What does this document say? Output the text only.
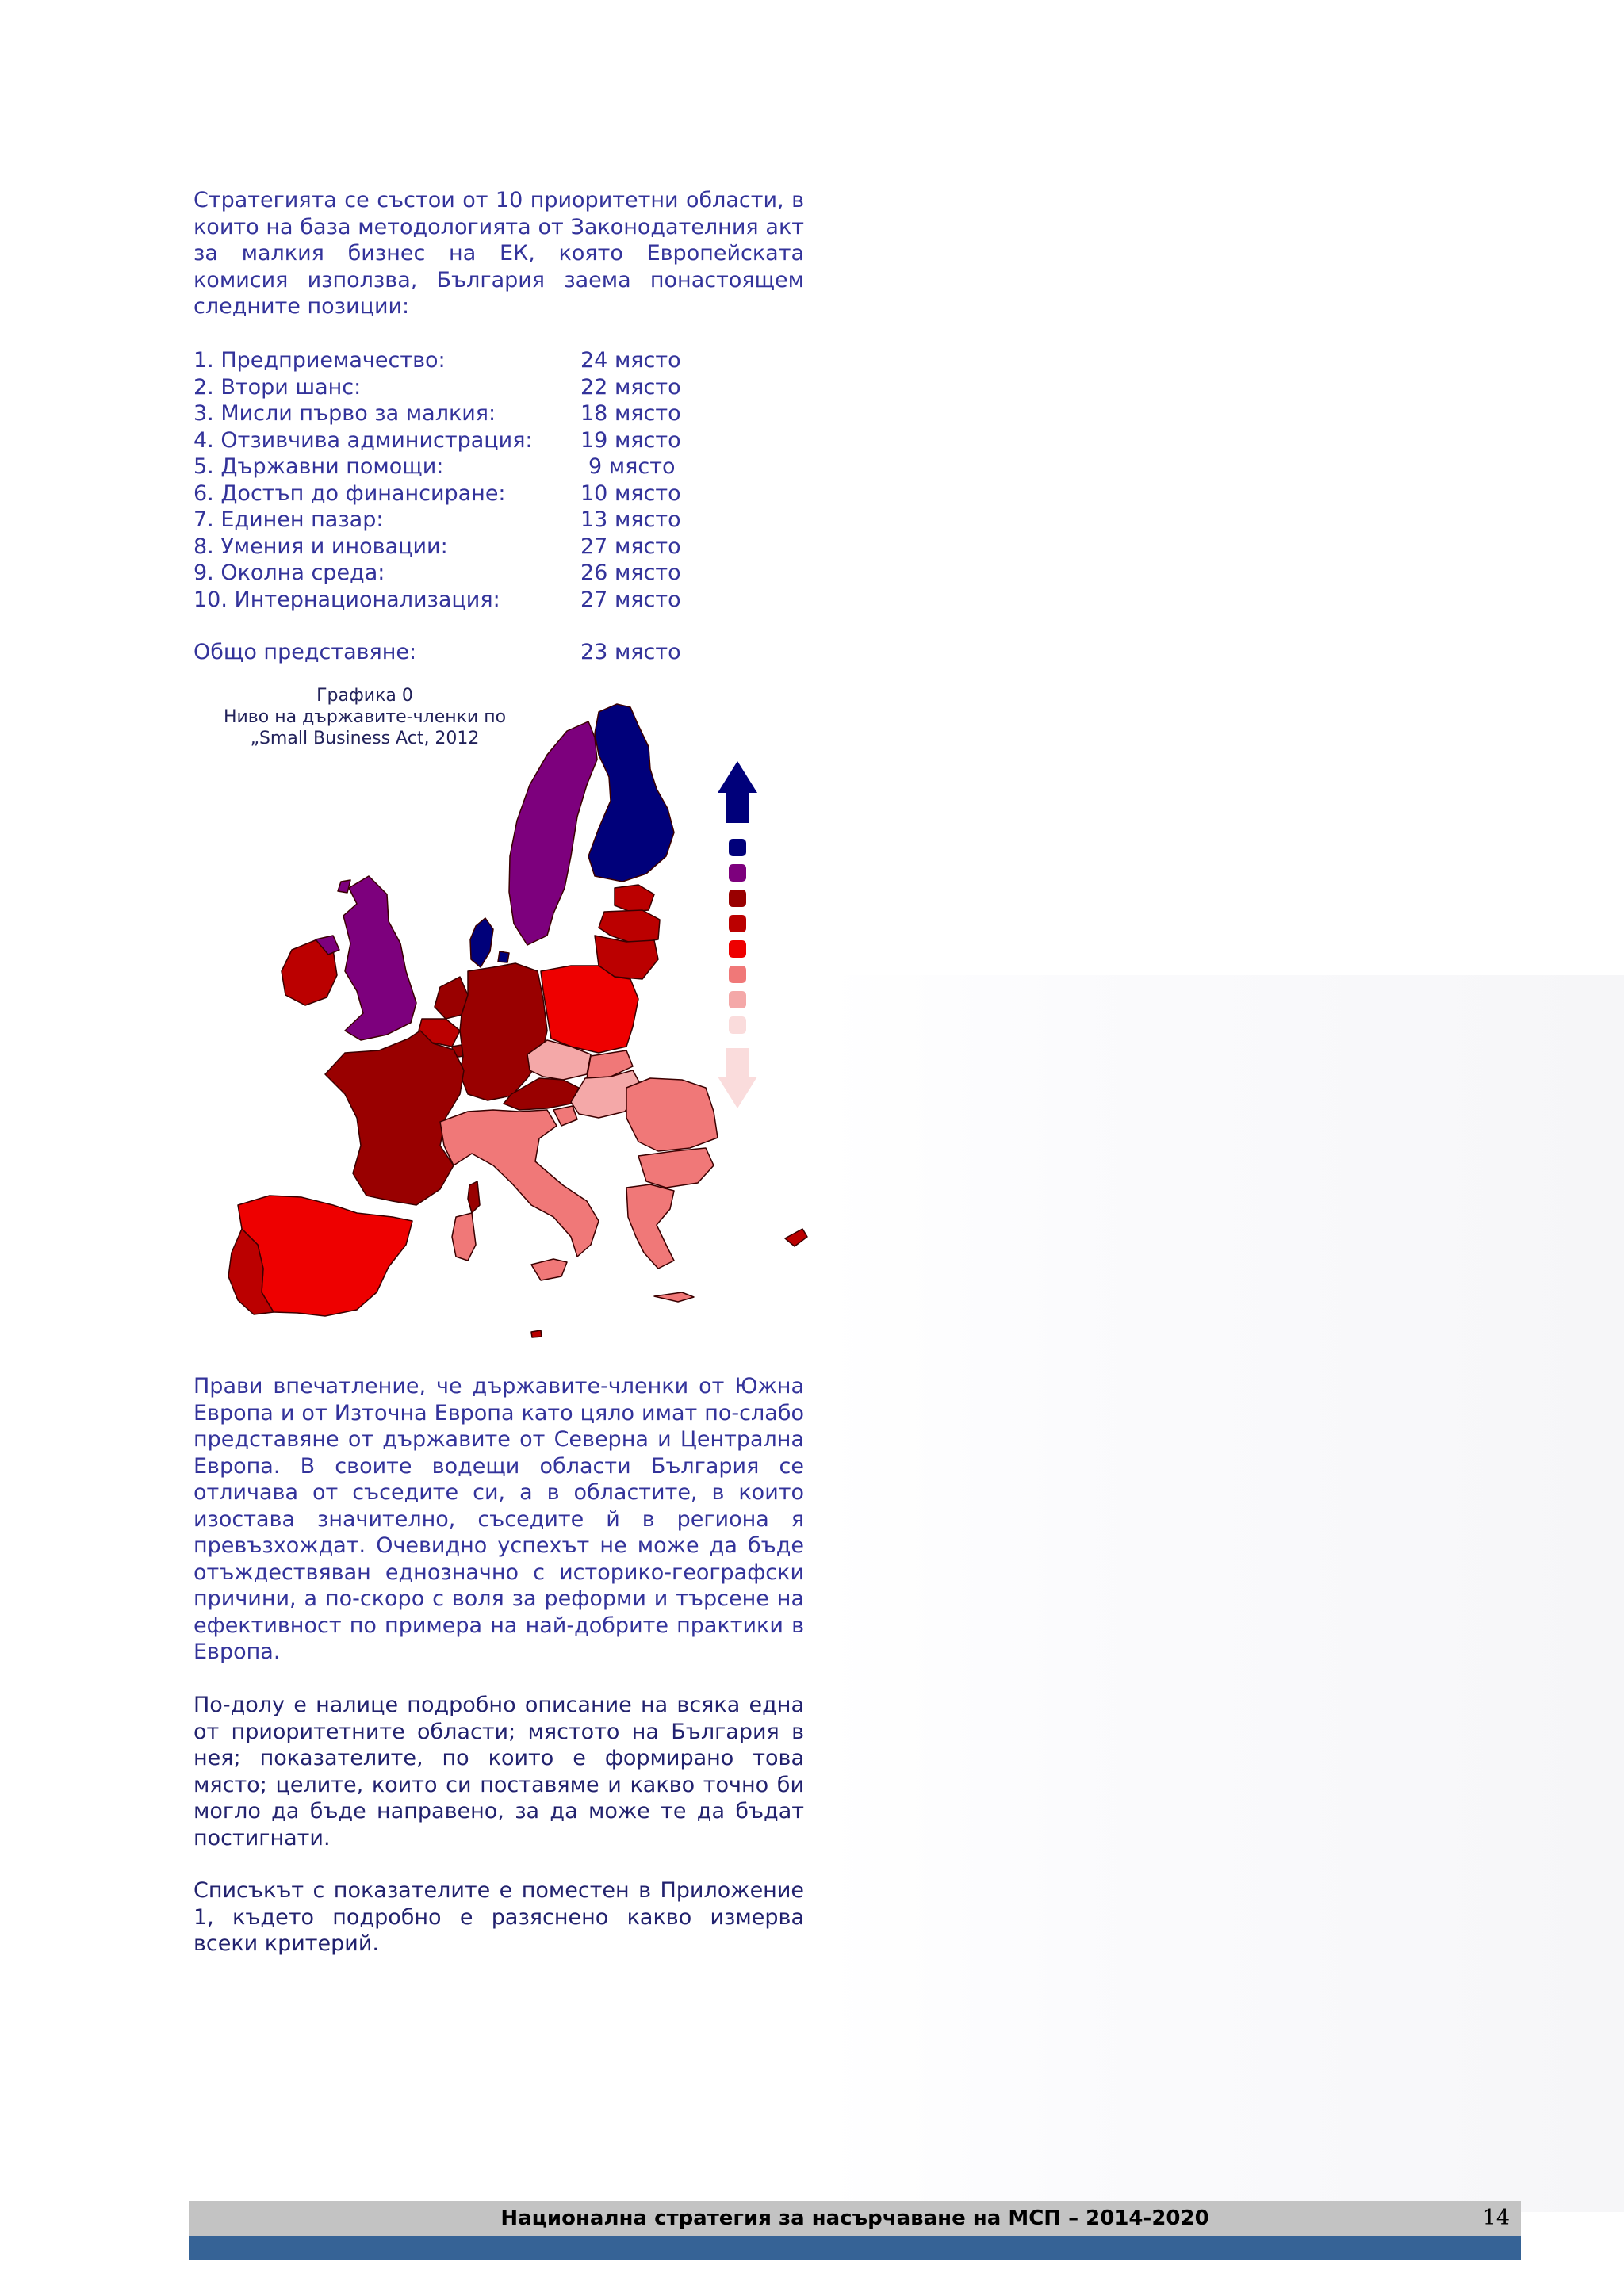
Стратегията се състои от 10 приоритетни области, в които на база методологията от Законодателния акт за малкия бизнес на ЕК, която Европейската комисия използва, България заема понастоящем следните позиции:

1. Предприемачество:	24 място
2. Втори шанс:	22 място
3. Мисли първо за малкия:	18 място
4. Отзивчива администрация: 19 място
5. Държавни помощи:	9 място
6. Достъп до финансиране:	10 място
7. Единен пазар:	13 място
8. Умения и иновации:	27 място
9. Околна среда:	26 място
10. Интернационализация:	27 място
Общо представяне:	23 място
Графика 0
Ниво на държавите-членки по
„Small Business Act, 2012

Прави впечатление, че държавите-членки от Южна Европа и от Източна Европа като цяло имат по-слабо представяне от държавите от Северна и Централна Европа. В своите водещи области България се отличава от съседите си, а в областите, в които изостава значително, съседите й в региона я превъзхождат. Очевидно успехът не може да бъде отъждествяван еднозначно с историко-географски причини, а по-скоро с воля за реформи и търсене на ефективност по примера на най-добрите практики в Европа.

По-долу е налице подробно описание на всяка една от приоритетните области; мястото на България в нея; показателите, по които е формирано това място; целите, които си поставяме и какво точно би могло да бъде направено, за да може те да бъдат постигнати.

Списъкът с показателите е поместен в Приложение 1, където подробно е разяснено какво измерва всеки критерий.

Национална стратегия за насърчаване на МСП – 2014-2020	14
